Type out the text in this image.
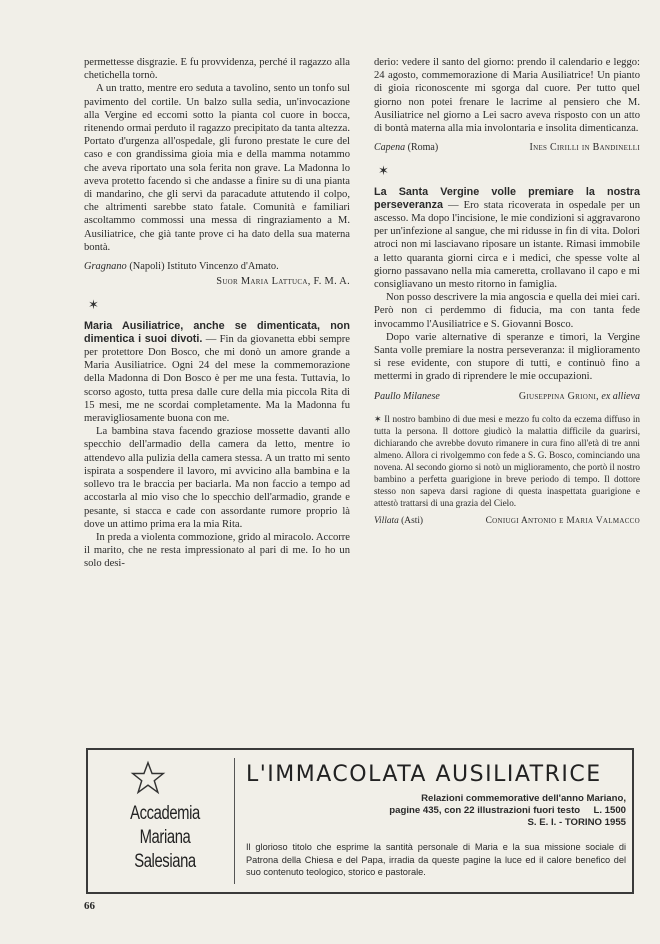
permettesse disgrazie. E fu provvidenza, perché il ragazzo alla chetichella tornò.

A un tratto, mentre ero seduta a tavolino, sento un tonfo sul pavimento del cortile. Un balzo sulla sedia, un'invocazione alla Vergine ed eccomi sotto la pianta col cuore in bocca, ritenendo ormai perduto il ragazzo precipitato da tanta altezza. Portato d'urgenza all'ospedale, gli furono prestate le cure del caso e con grandissima gioia mia e della mamma notammo che aveva riportato una sola ferita non grave. La Madonna lo aveva protetto facendo sì che andasse a finire su di una pianta di mandarino, che gli servì da paracadute attutendo il colpo, che altrimenti sarebbe stato fatale. Comunità e familiari ascoltammo commossi una messa di ringraziamento a M. Ausiliatrice, che già tante prove ci ha dato della sua materna bontà.

Gragnano (Napoli) Istituto Vincenzo d'Amato.
Suor Maria Lattuca, F. M. A.
✶

Maria Ausiliatrice, anche se dimenticata, non dimentica i suoi divoti. — Fin da giovanetta ebbi sempre per protettore Don Bosco, che mi donò un amore grande a Maria Ausiliatrice. Ogni 24 del mese la commemorazione della Madonna di Don Bosco è per me una festa. Tuttavia, lo scorso agosto, tutta presa dalle cure della mia piccola Rita di 15 mesi, me ne scordai completamente. Ma la Madonna fu meravigliosamente buona con me.

La bambina stava facendo graziose mossette davanti allo specchio dell'armadio della camera da letto, mentre io attendevo alla pulizia della camera stessa. A un tratto mi sento ispirata a sospendere il lavoro, mi avvicino alla bambina e la sollevo tra le braccia per baciarla. Ma non faccio a tempo ad accostarla al mio viso che lo specchio dell'armadio, grande e pesante, si stacca e cade con assordante rumore proprio là dove un attimo prima era la mia Rita.

In preda a violenta commozione, grido al miracolo. Accorre il marito, che ne resta impressionato al pari di me. Io ho un solo desi-

derio: vedere il santo del giorno: prendo il calendario e leggo: 24 agosto, commemorazione di Maria Ausiliatrice! Un pianto di gioia riconoscente mi sgorga dal cuore. Per tutto quel giorno non potei frenare le lacrime al pensiero che M. Ausiliatrice nel giorno a Lei sacro aveva risposto con un atto di bontà materna alla mia involontaria e insolita dimenticanza.

Capena (Roma)	Ines Cirilli in Bandinelli
✶

La Santa Vergine volle premiare la nostra perseveranza — Ero stata ricoverata in ospedale per un ascesso. Ma dopo l'incisione, le mie condizioni si aggravarono per un'infezione al sangue, che mi ridusse in fin di vita. Dolori atroci non mi lasciavano riposare un istante. Rimasi immobile a letto quaranta giorni circa e i medici, che spesse volte al giorno passavano nella mia cameretta, crollavano il capo e mi consigliavano un mesto ritorno in famiglia.

Non posso descrivere la mia angoscia e quella dei miei cari. Però non ci perdemmo di fiducia, ma con tanta fede invocammo l'Ausiliatrice e S. Giovanni Bosco.

Dopo varie alternative di speranze e timori, la Vergine Santa volle premiare la nostra perseveranza: il miglioramento si rese evidente, con stupore di tutti, e continuò fino a mettermi in grado di riprendere le mie occupazioni.

Paullo Milanese	Giuseppina Grioni, ex allieva

✶ Il nostro bambino di due mesi e mezzo fu colto da eczema diffuso in tutta la persona. Il dottore giudicò la malattia difficile da guarirsi, dichiarando che avrebbe dovuto rimanere in cura fino all'età di tre anni almeno. Allora ci rivolgemmo con fede a S. G. Bosco, cominciando una novena. Al secondo giorno si notò un miglioramento, che portò il nostro bambino a perfetta guarigione in breve periodo di tempo. Il dottore stesso non sapeva darsi ragione di questa inaspettata guarigione e attestò trattarsi di una grazia del Cielo.

Villata (Asti)	Coniugi Antonio e Maria Valmacco
Accademia
Mariana Salesiana
L'IMMACOLATA AUSILIATRICE
Relazioni commemorative dell'anno Mariano,
pagine 435, con 22 illustrazioni fuori testo     L. 1500
S. E. I. - TORINO 1955
Il glorioso titolo che esprime la santità personale di Maria e la sua missione sociale di Patrona della Chiesa e del Papa, irradia da queste pagine la luce ed il calore benefico del suo contenuto teologico, storico e pastorale.
66
